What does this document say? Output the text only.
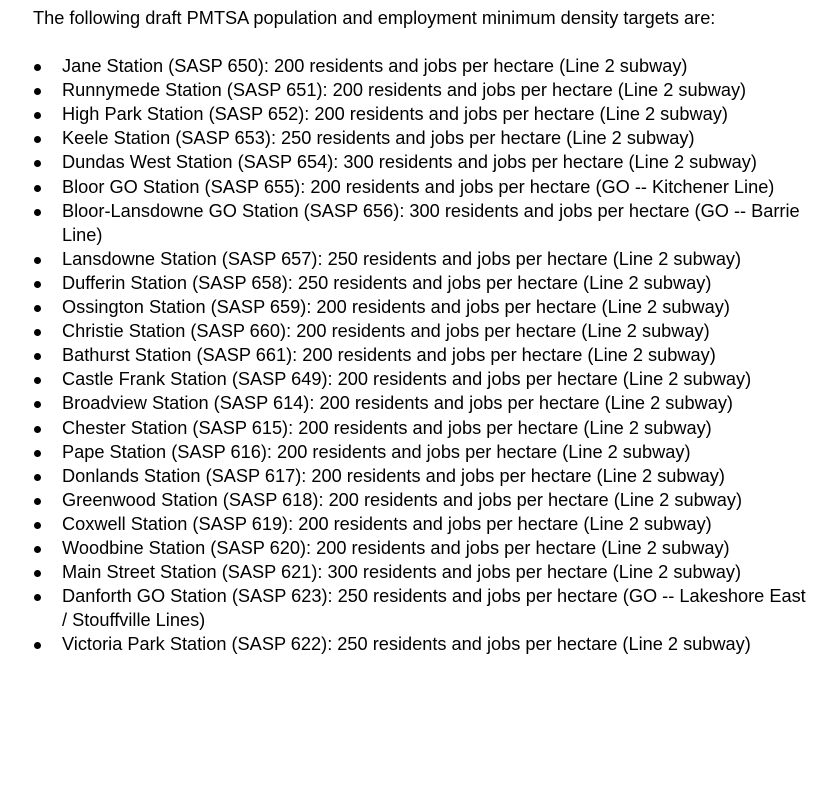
The following draft PMTSA population and employment minimum density targets are:

Jane Station (SASP 650): 200 residents and jobs per hectare (Line 2 subway)
Runnymede Station (SASP 651): 200 residents and jobs per hectare (Line 2 subway)
High Park Station (SASP 652): 200 residents and jobs per hectare (Line 2 subway)
Keele Station (SASP 653): 250 residents and jobs per hectare (Line 2 subway)
Dundas West Station (SASP 654): 300 residents and jobs per hectare (Line 2 subway)
Bloor GO Station (SASP 655): 200 residents and jobs per hectare (GO -- Kitchener Line)
Bloor-Lansdowne GO Station (SASP 656): 300 residents and jobs per hectare (GO -- Barrie Line)
Lansdowne Station (SASP 657): 250 residents and jobs per hectare (Line 2 subway)
Dufferin Station (SASP 658): 250 residents and jobs per hectare (Line 2 subway)
Ossington Station (SASP 659): 200 residents and jobs per hectare (Line 2 subway)
Christie Station (SASP 660): 200 residents and jobs per hectare (Line 2 subway)
Bathurst Station (SASP 661): 200 residents and jobs per hectare (Line 2 subway)
Castle Frank Station (SASP 649): 200 residents and jobs per hectare (Line 2 subway)
Broadview Station (SASP 614): 200 residents and jobs per hectare (Line 2 subway)
Chester Station (SASP 615): 200 residents and jobs per hectare (Line 2 subway)
Pape Station (SASP 616): 200 residents and jobs per hectare (Line 2 subway)
Donlands Station (SASP 617): 200 residents and jobs per hectare (Line 2 subway)
Greenwood Station (SASP 618): 200 residents and jobs per hectare (Line 2 subway)
Coxwell Station (SASP 619): 200 residents and jobs per hectare (Line 2 subway)
Woodbine Station (SASP 620): 200 residents and jobs per hectare (Line 2 subway)
Main Street Station (SASP 621): 300 residents and jobs per hectare (Line 2 subway)
Danforth GO Station (SASP 623): 250 residents and jobs per hectare (GO -- Lakeshore East / Stouffville Lines)
Victoria Park Station (SASP 622): 250 residents and jobs per hectare (Line 2 subway)
